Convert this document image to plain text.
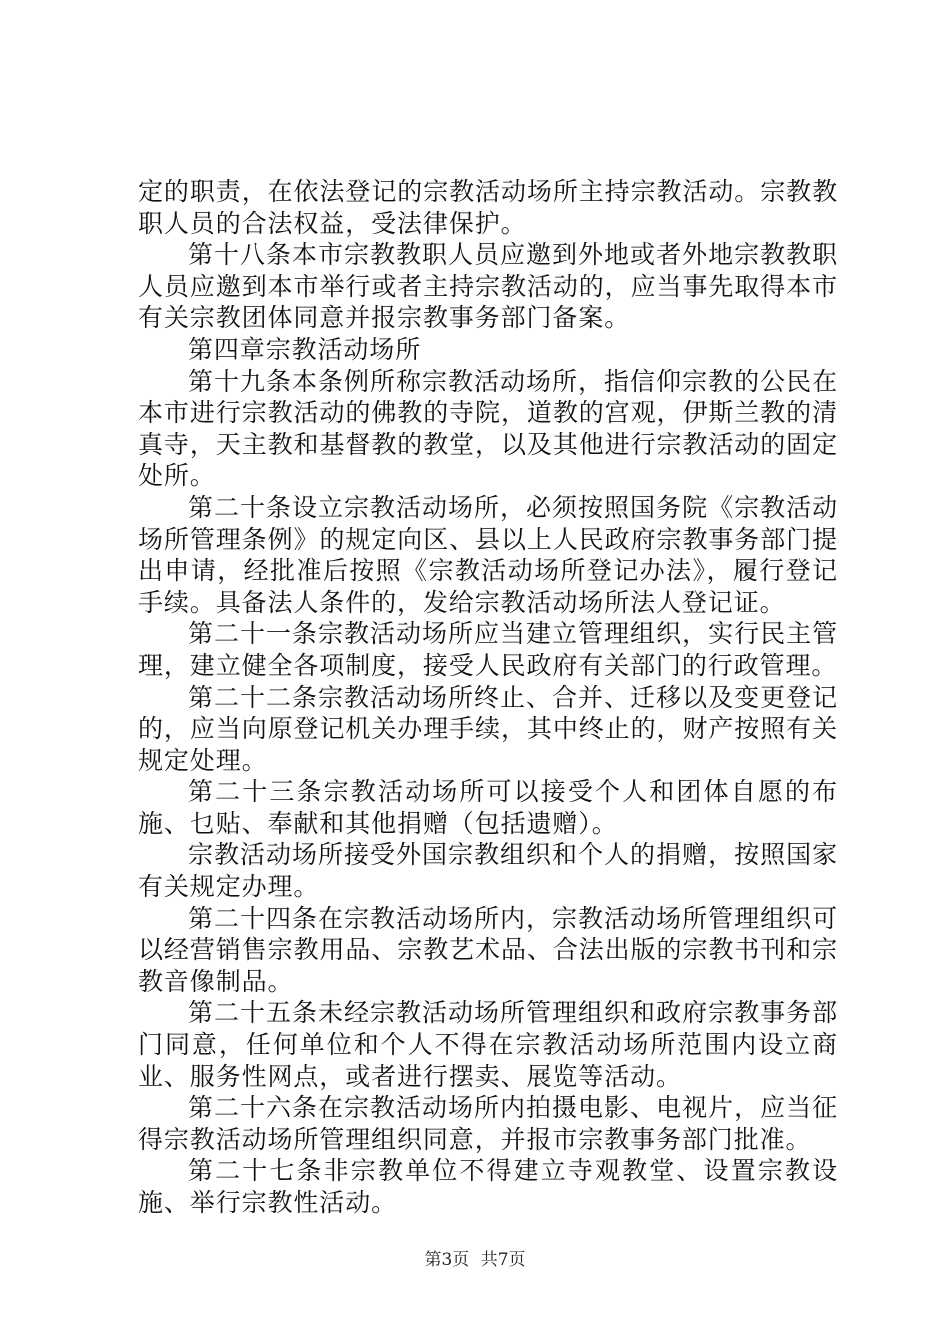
定的职责，在依法登记的宗教活动场所主持宗教活动。宗教教职人员的合法权益，受法律保护。

第十八条本市宗教教职人员应邀到外地或者外地宗教教职人员应邀到本市举行或者主持宗教活动的，应当事先取得本市有关宗教团体同意并报宗教事务部门备案。

第四章宗教活动场所

第十九条本条例所称宗教活动场所，指信仰宗教的公民在本市进行宗教活动的佛教的寺院，道教的宫观，伊斯兰教的清真寺，天主教和基督教的教堂，以及其他进行宗教活动的固定处所。

第二十条设立宗教活动场所，必须按照国务院《宗教活动场所管理条例》的规定向区、县以上人民政府宗教事务部门提出申请，经批准后按照《宗教活动场所登记办法》，履行登记手续。具备法人条件的，发给宗教活动场所法人登记证。

第二十一条宗教活动场所应当建立管理组织，实行民主管理，建立健全各项制度，接受人民政府有关部门的行政管理。

第二十二条宗教活动场所终止、合并、迁移以及变更登记的，应当向原登记机关办理手续，其中终止的，财产按照有关规定处理。

第二十三条宗教活动场所可以接受个人和团体自愿的布施、乜贴、奉献和其他捐赠（包括遗赠）。

宗教活动场所接受外国宗教组织和个人的捐赠，按照国家有关规定办理。

第二十四条在宗教活动场所内，宗教活动场所管理组织可以经营销售宗教用品、宗教艺术品、合法出版的宗教书刊和宗教音像制品。

第二十五条未经宗教活动场所管理组织和政府宗教事务部门同意，任何单位和个人不得在宗教活动场所范围内设立商业、服务性网点，或者进行摆卖、展览等活动。

第二十六条在宗教活动场所内拍摄电影、电视片，应当征得宗教活动场所管理组织同意，并报市宗教事务部门批准。

第二十七条非宗教单位不得建立寺观教堂、设置宗教设施、举行宗教性活动。

第3页 共7页
